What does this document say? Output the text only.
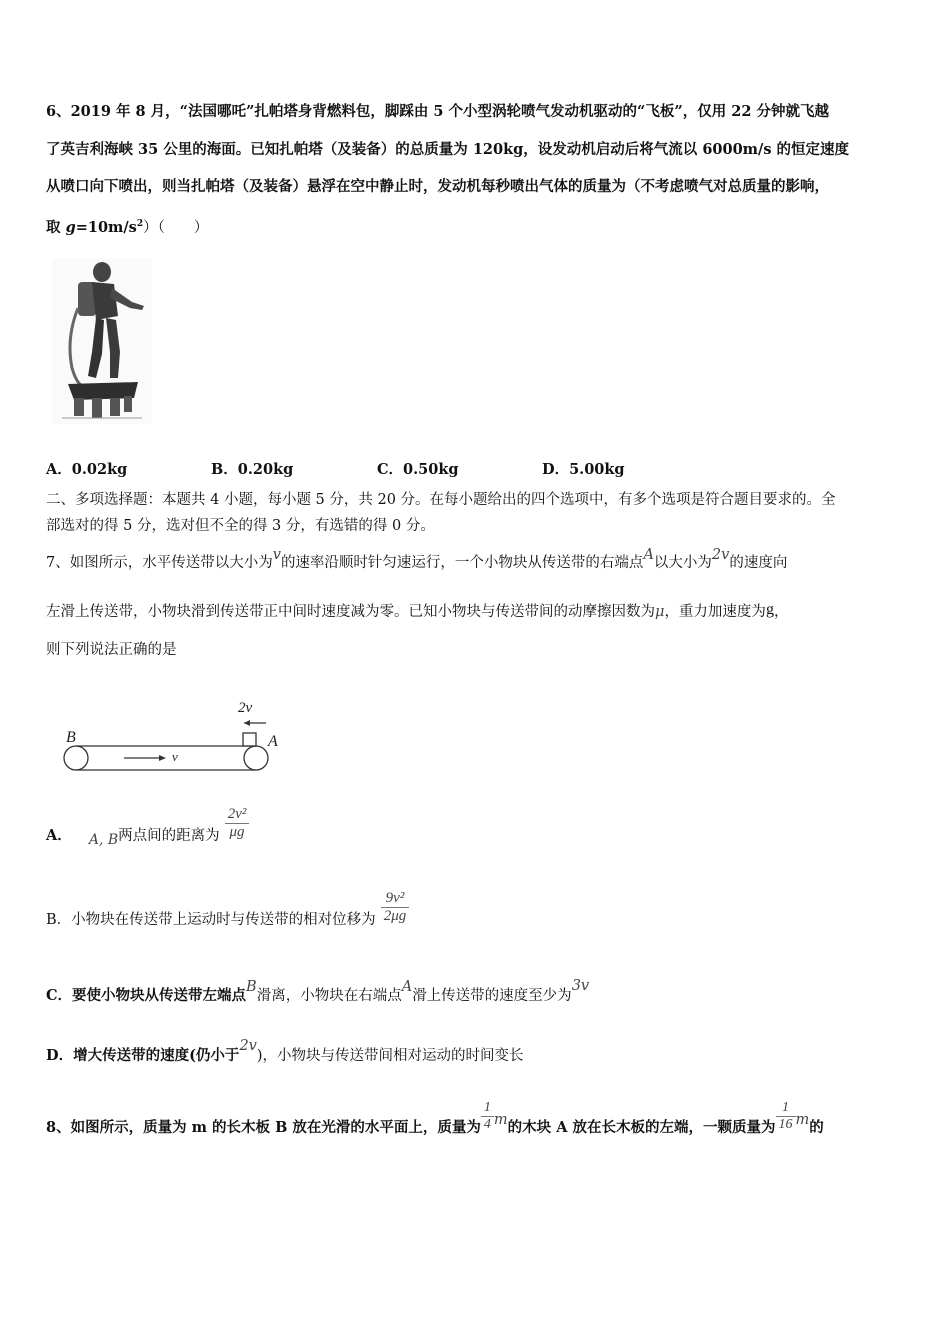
6、2019 年 8 月，“法国哪吒”扎帕塔身背燃料包，脚踩由 5 个小型涡轮喷气发动机驱动的“飞板”，仅用 22 分钟就飞越
了英吉利海峡 35 公里的海面。已知扎帕塔（及装备）的总质量为 120kg，设发动机启动后将气流以 6000m/s 的恒定速度
从喷口向下喷出，则当扎帕塔（及装备）悬浮在空中静止时，发动机每秒喷出气体的质量为（不考虑喷气对总质量的影响，
取 $g=10m/s^2$）（　　）
A．0.02kg	B．0.20kg	C．0.50kg	D．5.00kg
二、多项选择题：本题共 4 小题，每小题 5 分，共 20 分。在每小题给出的四个选项中，有多个选项是符合题目要求的。全
部选对的得 5 分，选对但不全的得 3 分，有选错的得 0 分。
7、如图所示，水平传送带以大小为v的速率沿顺时针匀速运行，一个小物块从传送带的右端点A以大小为2v的速度向
左滑上传送带，小物块滑到传送带正中间时速度减为零。已知小物块与传送带间的动摩擦因数为μ，重力加速度为g，
则下列说法正确的是
2v
B	A
v
A． A, B两点间的距离为 $\frac{\text{2v²}}{\mu g}$
B．小物块在传送带上运动时与传送带的相对位移为 $\frac{\text{9v²}}{2\mu g}$
C．要使小物块从传送带左端点B滑离，小物块在右端点A滑上传送带的速度至少为3v
D．增大传送带的速度(仍小于2v)，小物块与传送带间相对运动的时间变长
8、如图所示，质量为 m 的长木板 B 放在光滑的水平面上，质量为 $\frac{1}{4}$ m的木块 A 放在长木板的左端，一颗质量为 $\frac{1}{16}$ m的
